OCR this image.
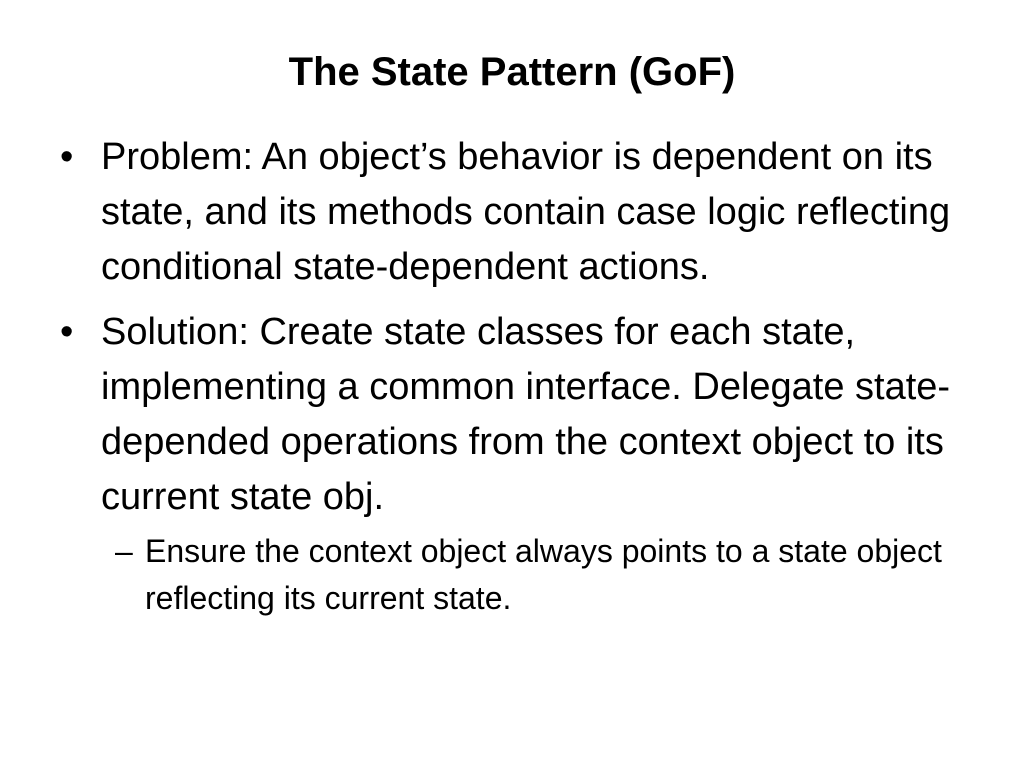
The State Pattern (GoF)
• Problem: An object’s behavior is dependent on its state, and its methods contain case logic reflecting conditional state-dependent actions.
• Solution: Create state classes for each state, implementing a common interface. Delegate state-depended operations from the context object to its current state obj.
– Ensure the context object always points to a state object reflecting its current state.
